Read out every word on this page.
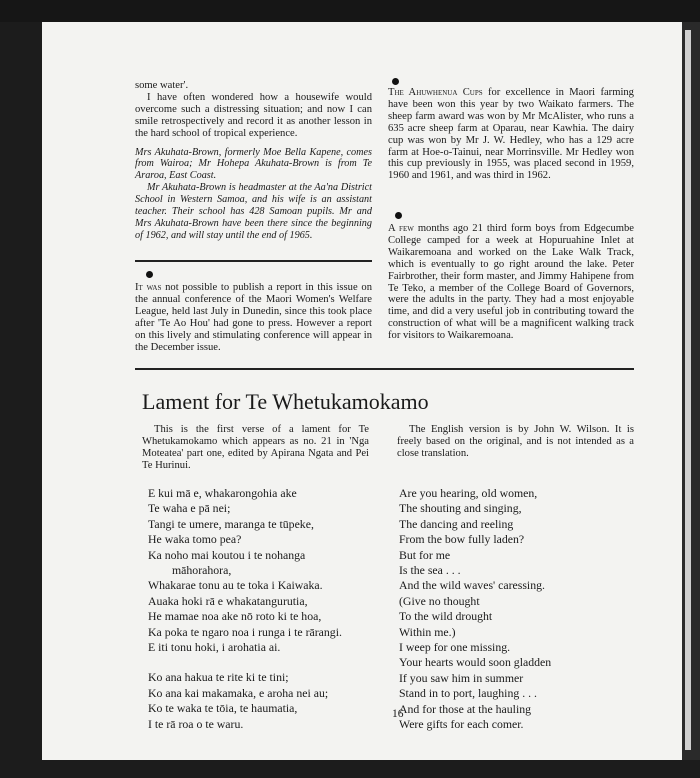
some water'.

I have often wondered how a housewife would overcome such a distressing situation; and now I can smile retrospectively and record it as another lesson in the hard school of tropical experience.

Mrs Akuhata-Brown, formerly Moe Bella Kapene, comes from Wairoa; Mr Hohepa Akuhata-Brown is from Te Araroa, East Coast.

Mr Akuhata-Brown is headmaster at the Aa'na District School in Western Samoa, and his wife is an assistant teacher. Their school has 428 Samoan pupils. Mr and Mrs Akuhata-Brown have been there since the beginning of 1962, and will stay until the end of 1965.

It was not possible to publish a report in this issue on the annual conference of the Maori Women's Welfare League, held last July in Dunedin, since this took place after 'Te Ao Hou' had gone to press. However a report on this lively and stimulating conference will appear in the December issue.

The Ahuwhenua Cups for excellence in Maori farming have been won this year by two Waikato farmers. The sheep farm award was won by Mr McAlister, who runs a 635 acre sheep farm at Oparau, near Kawhia. The dairy cup was won by Mr J. W. Hedley, who has a 129 acre farm at Hoe-o-Tainui, near Morrinsville. Mr Hedley won this cup previously in 1955, was placed second in 1959, 1960 and 1961, and was third in 1962.

A few months ago 21 third form boys from Edgecumbe College camped for a week at Hopuruahine Inlet at Waikaremoana and worked on the Lake Walk Track, which is eventually to go right around the lake. Peter Fairbrother, their form master, and Jimmy Hahipene from Te Teko, a member of the College Board of Governors, were the adults in the party. They had a most enjoyable time, and did a very useful job in contributing toward the construction of what will be a magnificent walking track for visitors to Waikaremoana.

Lament for Te Whetukamokamo
This is the first verse of a lament for Te Whetukamokamo which appears as no. 21 in 'Nga Moteatea' part one, edited by Apirana Ngata and Pei Te Hurinui.
The English version is by John W. Wilson. It is freely based on the original, and is not intended as a close translation.
E kui mā e, whakarongohia ake
Te waha e pā nei;
Tangi te umere, maranga te tūpeke,
He waka tomo pea?
Ka noho mai koutou i te nohanga
māhorahora,
Whakarae tonu au te toka i Kaiwaka.
Auaka hoki rā e whakatangurutia,
He mamae noa ake nō roto ki te hoa,
Ka poka te ngaro noa i runga i te rārangi.
E iti tonu hoki, i arohatia ai.
Ko ana hakua te rite ki te tini;
Ko ana kai makamaka, e aroha nei au;
Ko te waka te tōia, te haumatia,
I te rā roa o te waru.
Are you hearing, old women,
The shouting and singing,
The dancing and reeling
From the bow fully laden?
But for me
Is the sea . . .
And the wild waves' caressing.
(Give no thought
To the wild drought
Within me.)
I weep for one missing.
Your hearts would soon gladden
If you saw him in summer
Stand in to port, laughing . . .
And for those at the hauling
Were gifts for each comer.
16
